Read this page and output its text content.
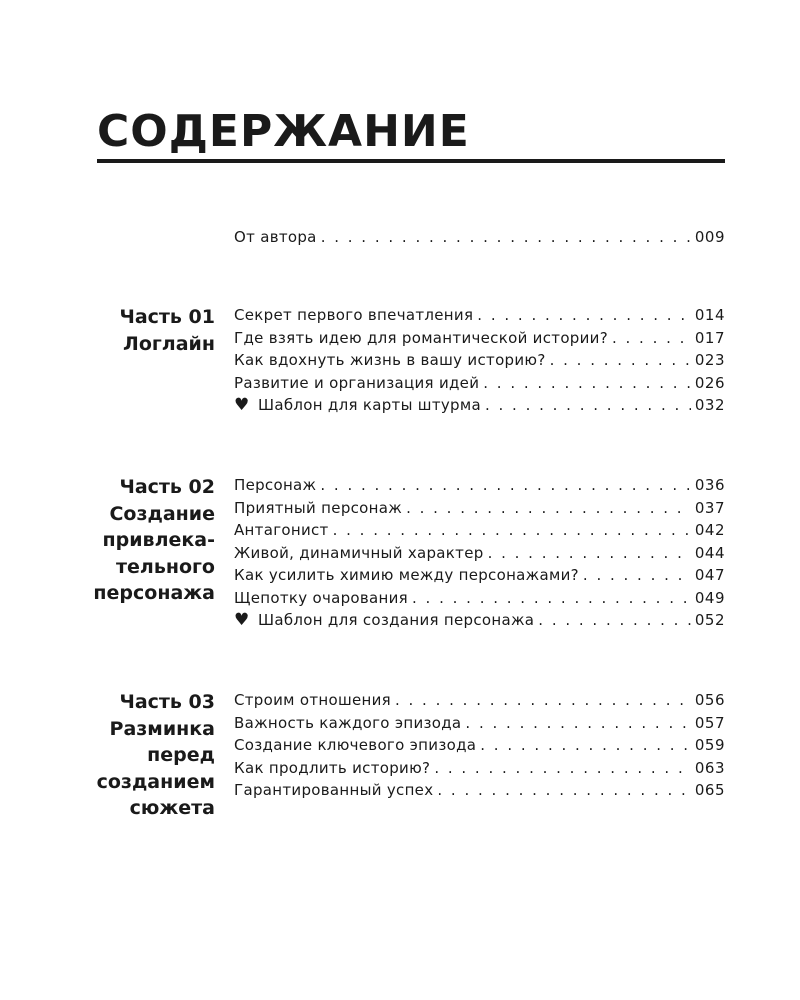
СОДЕРЖАНИЕ
От автора . . .	009
Часть 01
Логлайн
Секрет первого впечатления . . .	014
Где взять идею для романтической истории? . . .	017
Как вдохнуть жизнь в вашу историю? . . .	023
Развитие и организация идей . . .	026
♥ Шаблон для карты штурма . . .	032
Часть 02
Создание
привлека-
тельного
персонажа
Персонаж . . .	036
Приятный персонаж . . .	037
Антагонист . . .	042
Живой, динамичный характер . . .	044
Как усилить химию между персонажами? . . .	047
Щепотку очарования . . .	049
♥ Шаблон для создания персонажа . . .	052
Часть 03
Разминка
перед
созданием
сюжета
Строим отношения . . .	056
Важность каждого эпизода . . .	057
Создание ключевого эпизода . . .	059
Как продлить историю? . . .	063
Гарантированный успех . . .	065
